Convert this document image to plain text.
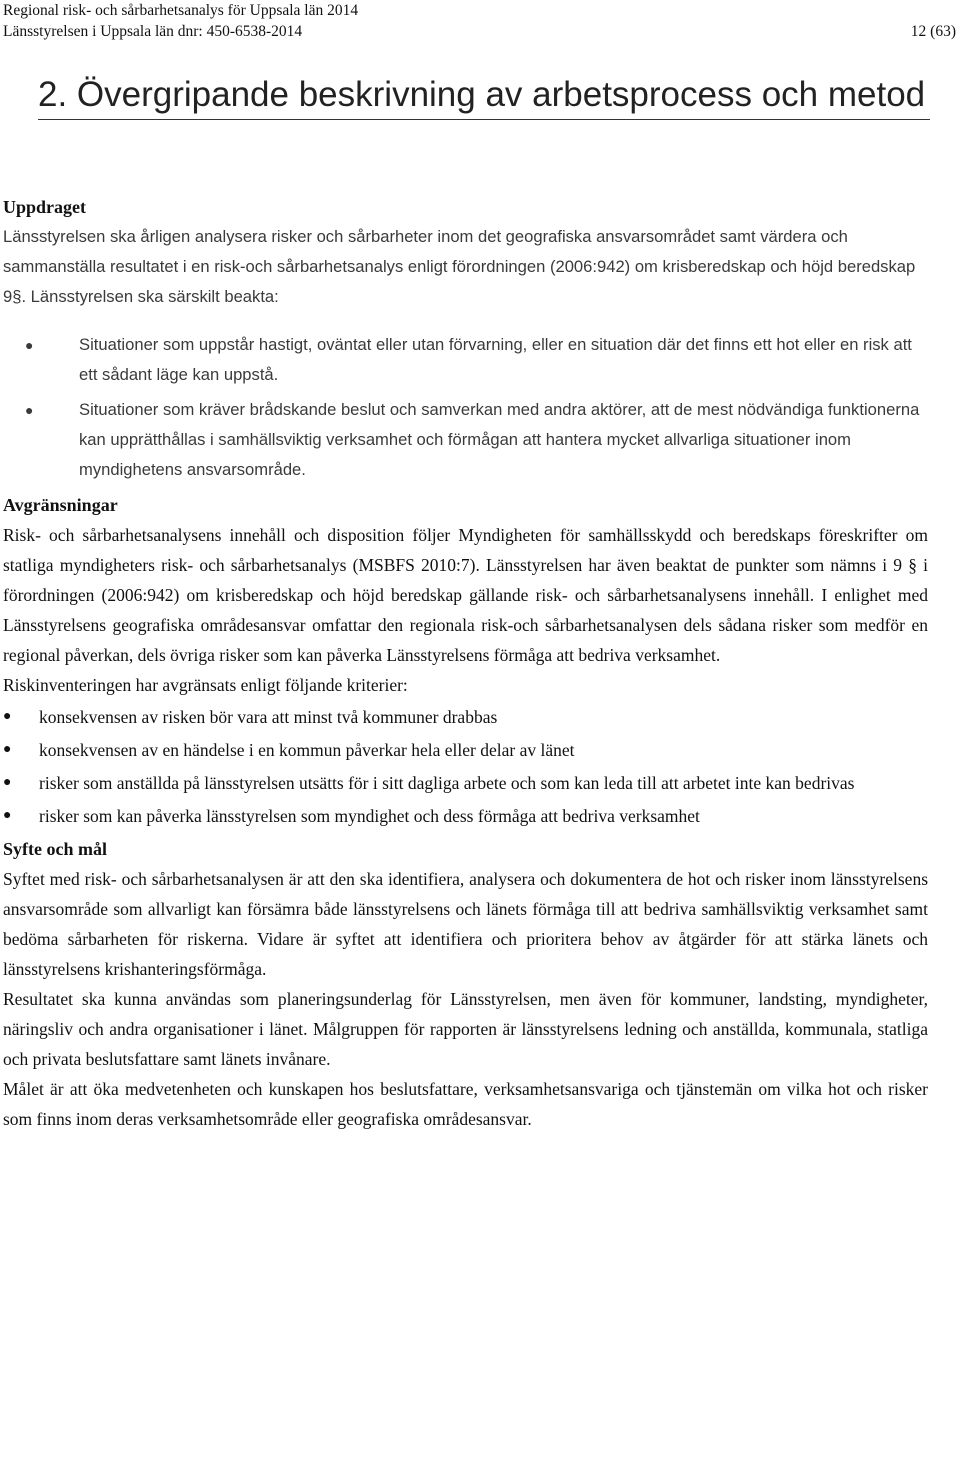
Regional risk- och sårbarhetsanalys för Uppsala län 2014
Länsstyrelsen i Uppsala län dnr: 450-6538-2014	12 (63)
2. Övergripande beskrivning av arbetsprocess och metod
Uppdraget

Länsstyrelsen ska årligen analysera risker och sårbarheter inom det geografiska ansvarsområdet samt värdera och sammanställa resultatet i en risk-och sårbarhetsanalys enligt förordningen (2006:942) om krisberedskap och höjd beredskap 9§. Länsstyrelsen ska särskilt beakta:

●	Situationer som uppstår hastigt, oväntat eller utan förvarning, eller en situation där det finns ett hot eller en risk att ett sådant läge kan uppstå.
●	Situationer som kräver brådskande beslut och samverkan med andra aktörer, att de mest nödvändiga funktionerna kan upprätthållas i samhällsviktig verksamhet och förmågan att hantera mycket allvarliga situationer inom myndighetens ansvarsområde.
Avgränsningar

Risk- och sårbarhetsanalysens innehåll och disposition följer Myndigheten för samhällsskydd och beredskaps föreskrifter om statliga myndigheters risk- och sårbarhetsanalys (MSBFS 2010:7). Länsstyrelsen har även beaktat de punkter som nämns i 9 § i förordningen (2006:942) om krisberedskap och höjd beredskap gällande risk- och sårbarhetsanalysens innehåll. I enlighet med Länsstyrelsens geografiska områdesansvar omfattar den regionala risk-och sårbarhetsanalysen dels sådana risker som medför en regional påverkan, dels övriga risker som kan påverka Länsstyrelsens förmåga att bedriva verksamhet.

Riskinventeringen har avgränsats enligt följande kriterier:

● konsekvensen av risken bör vara att minst två kommuner drabbas
● konsekvensen av en händelse i en kommun påverkar hela eller delar av länet
● risker som anställda på länsstyrelsen utsätts för i sitt dagliga arbete och som kan leda till att arbetet inte kan bedrivas
● risker som kan påverka länsstyrelsen som myndighet och dess förmåga att bedriva verksamhet
Syfte och mål

Syftet med risk- och sårbarhetsanalysen är att den ska identifiera, analysera och dokumentera de hot och risker inom länsstyrelsens ansvarsområde som allvarligt kan försämra både länsstyrelsens och länets förmåga till att bedriva samhällsviktig verksamhet samt bedöma sårbarheten för riskerna. Vidare är syftet att identifiera och prioritera behov av åtgärder för att stärka länets och länsstyrelsens krishanteringsförmåga.

Resultatet ska kunna användas som planeringsunderlag för Länsstyrelsen, men även för kommuner, landsting, myndigheter, näringsliv och andra organisationer i länet. Målgruppen för rapporten är länsstyrelsens ledning och anställda, kommunala, statliga och privata beslutsfattare samt länets invånare.

Målet är att öka medvetenheten och kunskapen hos beslutsfattare, verksamhetsansvariga och tjänstemän om vilka hot och risker som finns inom deras verksamhetsområde eller geografiska områdesansvar.
